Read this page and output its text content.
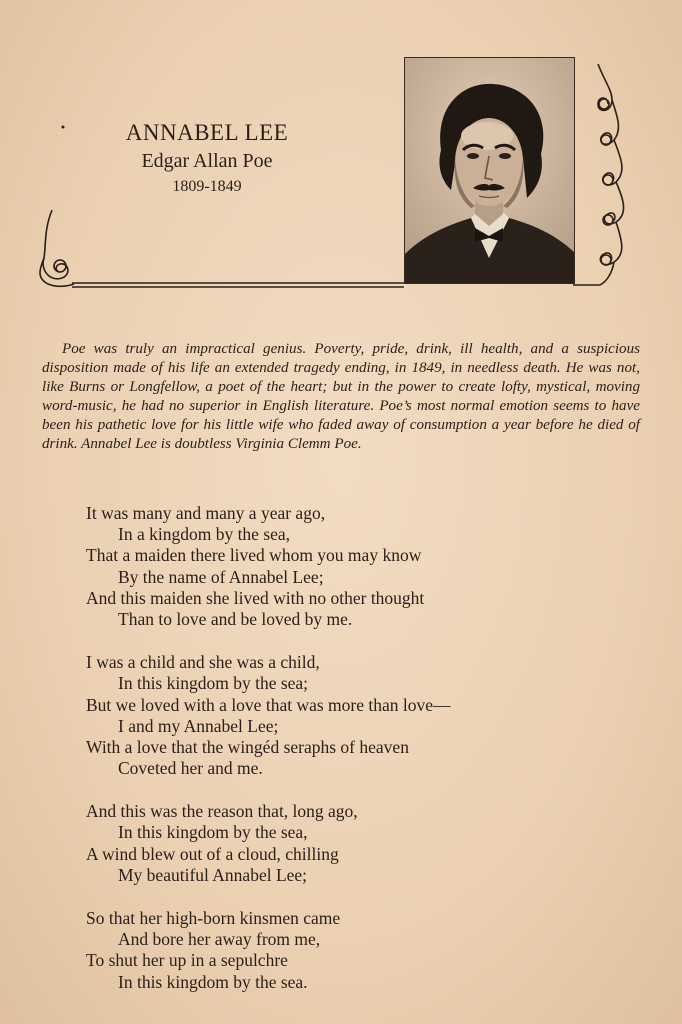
ANNABEL LEE
Edgar Allan Poe
1809-1849

Poe was truly an impractical genius. Poverty, pride, drink, ill health, and a suspicious disposition made of his life an extended tragedy ending, in 1849, in needless death. He was not, like Burns or Longfellow, a poet of the heart; but in the power to create lofty, mystical, moving word-music, he had no superior in English literature. Poe’s most normal emotion seems to have been his pathetic love for his little wife who faded away of consumption a year before he died of drink. Annabel Lee is doubtless Virginia Clemm Poe.

It was many and many a year ago,
In a kingdom by the sea,
That a maiden there lived whom you may know
By the name of Annabel Lee;
And this maiden she lived with no other thought
Than to love and be loved by me.
I was a child and she was a child,
In this kingdom by the sea;
But we loved with a love that was more than love—
I and my Annabel Lee;
With a love that the wingéd seraphs of heaven
Coveted her and me.
And this was the reason that, long ago,
In this kingdom by the sea,
A wind blew out of a cloud, chilling
My beautiful Annabel Lee;
So that her high-born kinsmen came
And bore her away from me,
To shut her up in a sepulchre
In this kingdom by the sea.
